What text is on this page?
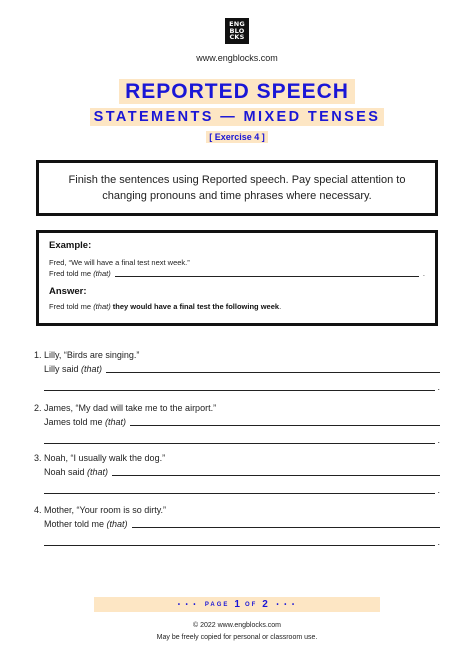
ENG
BLO
CKS
www.engblocks.com
REPORTED SPEECH
STATEMENTS — MIXED TENSES
[ Exercise 4 ]
Finish the sentences using Reported speech. Pay special attention to changing pronouns and time phrases where necessary.
Example:
Fred, “We will have a final test next week.”
Fred told me (that)	.
Answer:
Fred told me (that) they would have a final test the following week.
1. Lilly, “Birds are singing.”
Lilly said (that)
.
2. James, “My dad will take me to the airport.”
James told me (that)
.
3. Noah, “I usually walk the dog.”
Noah said (that)
.
4. Mother, “Your room is so dirty.”
Mother told me (that)
.
• • •
PAGE 1 OF 2
• • •
© 2022 www.engblocks.com
May be freely copied for personal or classroom use.
